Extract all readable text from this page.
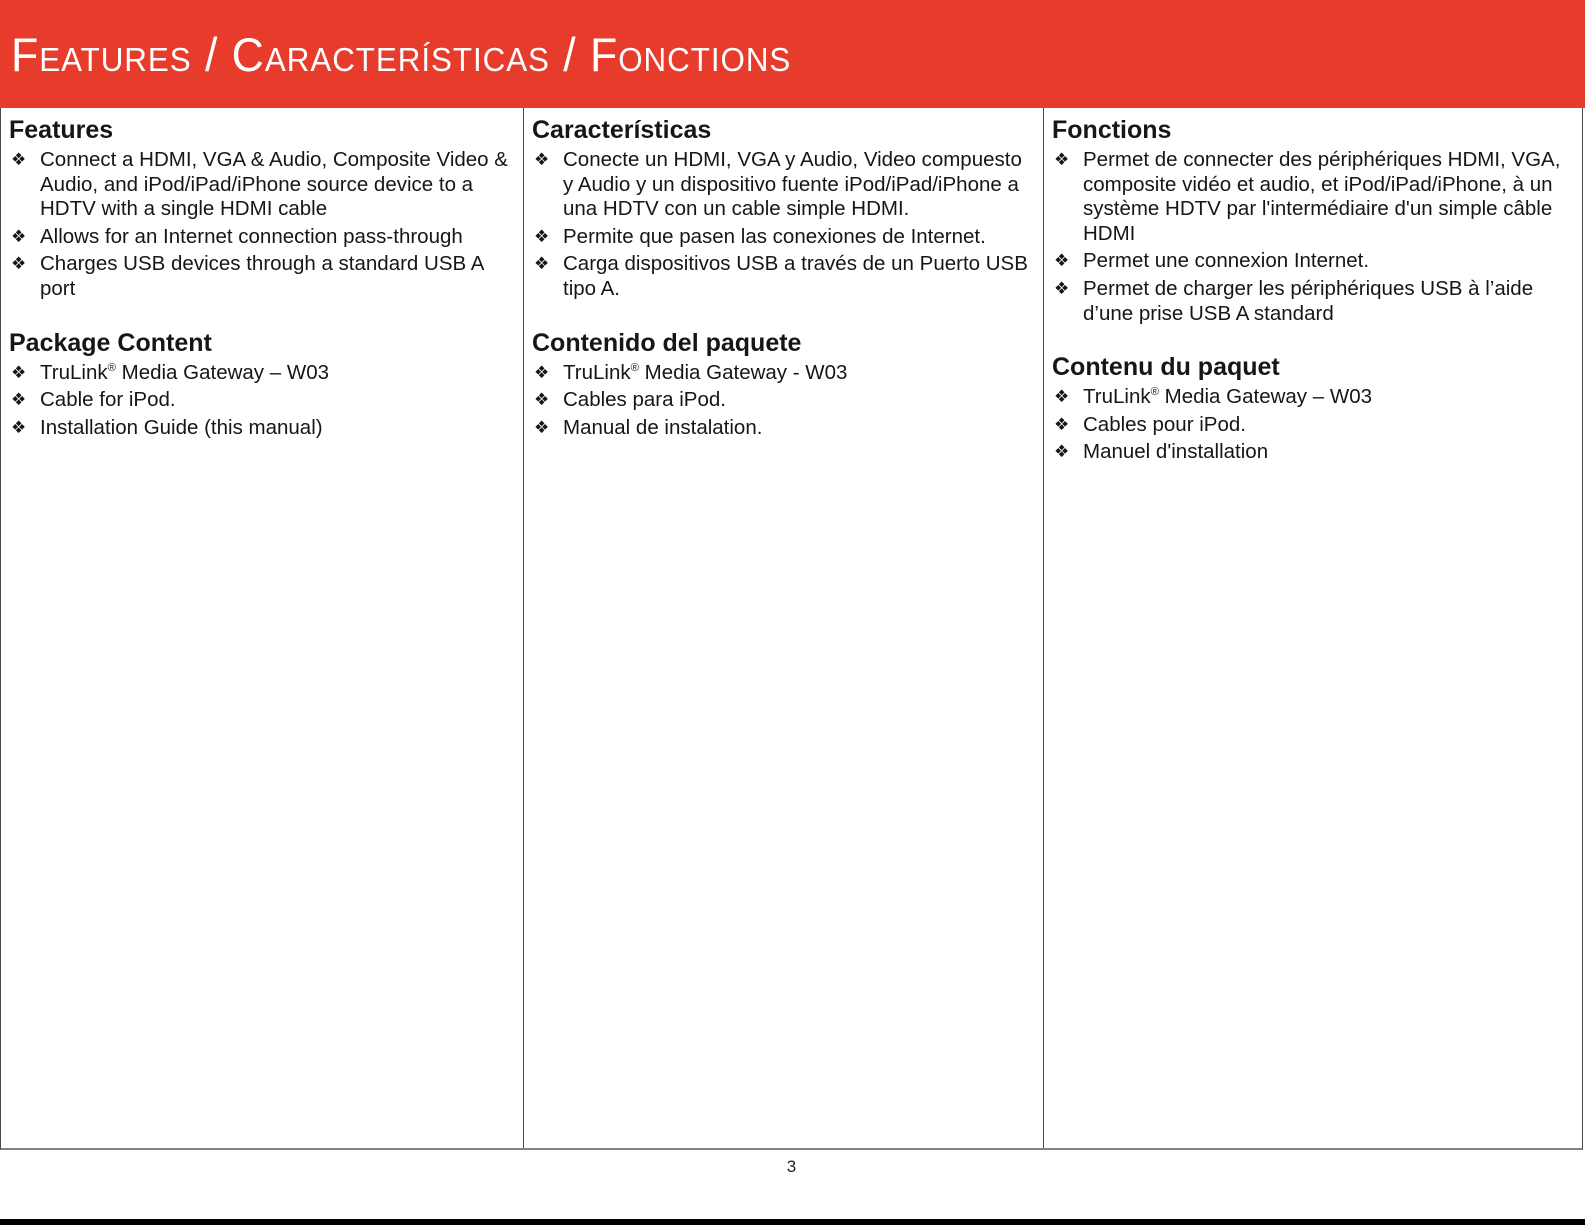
Features / Características / Fonctions
Features
❖ Connect a HDMI, VGA & Audio, Composite Video & Audio, and iPod/iPad/iPhone source device to a HDTV with a single HDMI cable
❖ Allows for an Internet connection pass-through
❖ Charges USB devices through a standard USB A port
Package Content
❖ TruLink® Media Gateway – W03
❖ Cable for iPod.
❖ Installation Guide (this manual)
Características
❖ Conecte un HDMI, VGA y Audio, Video compuesto y Audio y un dispositivo fuente iPod/iPad/iPhone a una HDTV con un cable simple HDMI.
❖ Permite que pasen las conexiones de Internet.
❖ Carga dispositivos USB a través de un Puerto USB tipo A.
Contenido del paquete
❖ TruLink® Media Gateway - W03
❖ Cables para iPod.
❖ Manual de instalation.
Fonctions
❖ Permet de connecter des périphériques HDMI, VGA, composite vidéo et audio, et iPod/iPad/iPhone, à un système HDTV par l'intermédiaire d'un simple câble HDMI
❖ Permet une connexion Internet.
❖ Permet de charger les périphériques USB à l’aide d’une prise USB A standard
Contenu du paquet
❖ TruLink® Media Gateway – W03
❖ Cables pour iPod.
❖ Manuel d'installation
3
